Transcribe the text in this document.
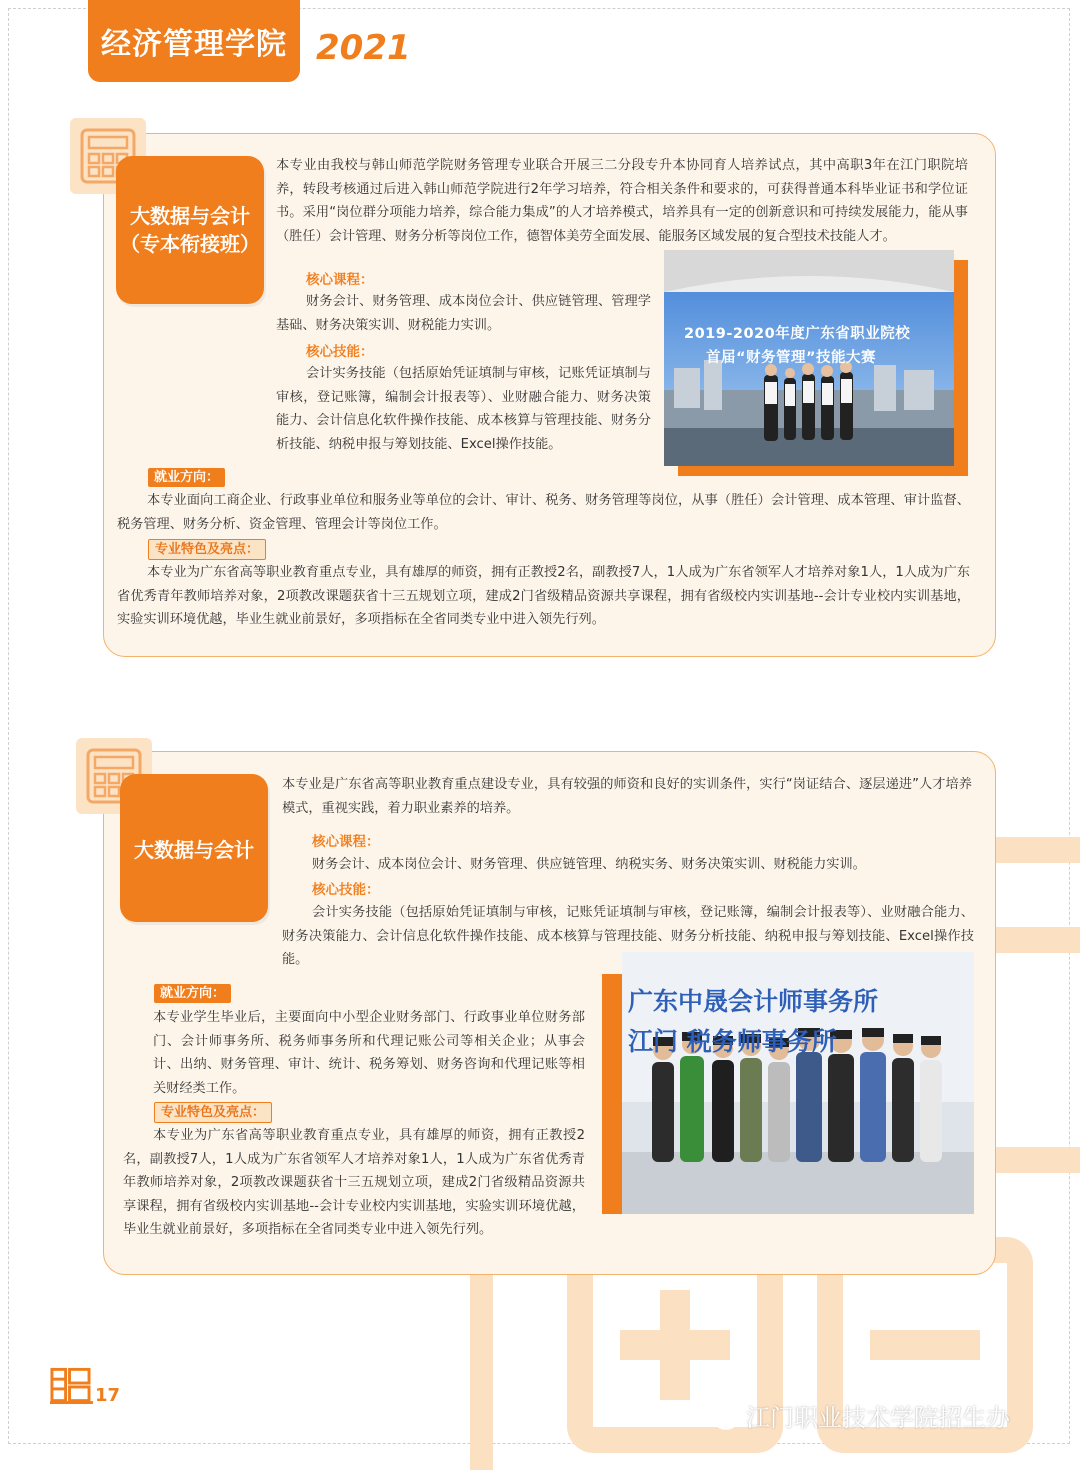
经济管理学院 2021
大数据与会计
（专本衔接班）

本专业由我校与韩山师范学院财务管理专业联合开展三二分段专升本协同育人培养试点，其中高职3年在江门职院培养，转段考核通过后进入韩山师范学院进行2年学习培养，符合相关条件和要求的，可获得普通本科毕业证书和学位证书。采用“岗位群分项能力培养，综合能力集成”的人才培养模式，培养具有一定的创新意识和可持续发展能力，能从事（胜任）会计管理、财务分析等岗位工作，德智体美劳全面发展、能服务区域发展的复合型技术技能人才。

核心课程：

财务会计、财务管理、成本岗位会计、供应链管理、管理学基础、财务决策实训、财税能力实训。

核心技能：

会计实务技能（包括原始凭证填制与审核，记账凭证填制与审核，登记账簿，编制会计报表等）、业财融合能力、财务决策能力、会计信息化软件操作技能、成本核算与管理技能、财务分析技能、纳税申报与筹划技能、Excel操作技能。

2019-2020年度广东省职业院校
首届“财务管理”技能大赛
就业方向：

本专业面向工商企业、行政事业单位和服务业等单位的会计、审计、税务、财务管理等岗位，从事（胜任）会计管理、成本管理、审计监督、税务管理、财务分析、资金管理、管理会计等岗位工作。

专业特色及亮点：

本专业为广东省高等职业教育重点专业，具有雄厚的师资，拥有正教授2名，副教授7人，1人成为广东省领军人才培养对象1人，1人成为广东省优秀青年教师培养对象，2项教改课题获省十三五规划立项，建成2门省级精品资源共享课程，拥有省级校内实训基地--会计专业校内实训基地，实验实训环境优越，毕业生就业前景好，多项指标在全省同类专业中进入领先行列。

大数据与会计

本专业是广东省高等职业教育重点建设专业，具有较强的师资和良好的实训条件，实行“岗证结合、逐层递进”人才培养模式，重视实践，着力职业素养的培养。

核心课程：

财务会计、成本岗位会计、财务管理、供应链管理、纳税实务、财务决策实训、财税能力实训。

核心技能：

会计实务技能（包括原始凭证填制与审核，记账凭证填制与审核，登记账簿，编制会计报表等）、业财融合能力、财务决策能力、会计信息化软件操作技能、成本核算与管理技能、财务分析技能、纳税申报与筹划技能、Excel操作技能。

广东中晟会计师事务所
江门 税务师事务所
就业方向：

本专业学生毕业后，主要面向中小型企业财务部门、行政事业单位财务部门、会计师事务所、税务师事务所和代理记账公司等相关企业；从事会计、出纳、财务管理、审计、统计、税务筹划、财务咨询和代理记账等相关财经类工作。

专业特色及亮点：

本专业为广东省高等职业教育重点专业，具有雄厚的师资，拥有正教授2名，副教授7人，1人成为广东省领军人才培养对象1人，1人成为广东省优秀青年教师培养对象，2项教改课题获省十三五规划立项，建成2门省级精品资源共享课程，拥有省级校内实训基地--会计专业校内实训基地，实验实训环境优越，毕业生就业前景好，多项指标在全省同类专业中进入领先行列。

17
江门职业技术学院招生办
